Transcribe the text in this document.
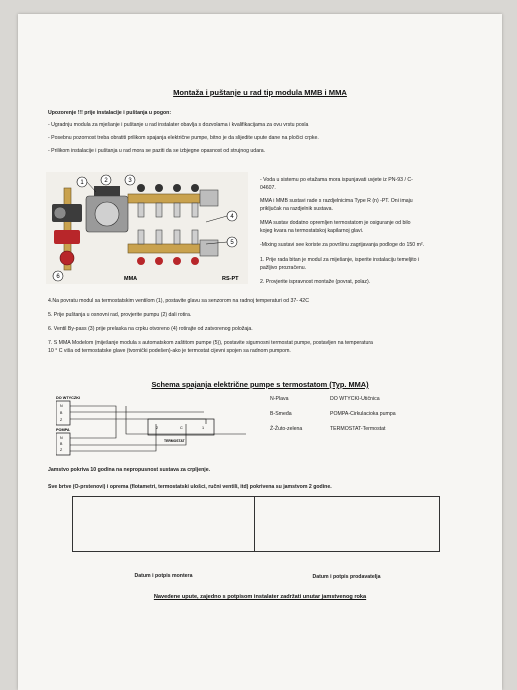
Montaža i puštanje u rad tip modula MMB i MMA
Upozorenje !!! prije instalacije i puštanja u pogon:
- Ugradnju modula za mješanje i puštanje u rad instalater obavlja s dozvolama i kvalifikacijama za ovu vrstu posla
- Posebnu pozornost treba obratiti prilikom spajanja električne pumpe, bitno je da slijedite upute dane na pločici crpke.
- Prilikom instalacije i puštanja u rad mora se paziti da se izbjegne opasnost od strujnog udara.
1	2	3
4
5
6	MMA	RS-PT
- Voda u sistemu po etažama mora ispunjavati uvjete iz PN-93 / C-
04607.
MMA i MMB sustavi rade s razdjelnicima Type R (n) -PT. Oni imaju
priključak na razdjelnik sustava.
MMA sustav dodatno opremljen termostatom je osiguranje od bilo
kojeg kvara na termostatskoj kapilarnoj glavi.
-Mixing sustavi see koriste za površinu zagrijavanja podloge do 150 m².
1. Prije rada bitan je modul za miješanje, isperite instalaciju temeljito i
pažljivo prozračenu.
2. Provjerite ispravnost montaže (povrat, polaz).
4.Na povratu modul sa termostatskim ventilom (1), postavite glavu sa senzorom na radnoj temperaturi od 37- 42C
5. Prije puštanja u osnovni rad, provjerite pumpu (2) dali rotira.
6. Ventil By-pass (3) prije prelaska na crpku otvoreno (4) rotirajte od zatvorenog položaja.
7. S MMA Modelom (miješanje modula s automatskom zaštitom pumpe (5)), postavite sigurnosni termostat pumpe, postavljen na temperatura
10 ° C viša od termostatske glave (tvornički podešen)-ako je termostat cijevni spojen sa radnom pumpom.
Schema spajanja električne pumpe s termostatom (Typ. MMA)
DO WTYCZKI
N
B
Z
POMPA
N
B
Z
2	C	1
TERMOSTAT
N-Plava	DO WTYCKI-Utičnica
B-Smeđa	POMPA-Cirkulacioka pumpa
Ž-Žuto-zelena	TERMOSTAT-Termostat
Jamstvo pokriva 10 godina na nepropusnost sustava za crpljenje.
Sve brtve (O-prstenovi) i oprema (flotametri, termostatski ulošci, ručni ventili, itd) pokrivena su jamstvom 2 godine.
Datum i potpis montera	Datum i potpis prodavatelja
Navedene upute, zajedno s potpisom instalater zadržati unutar jamstvenog roka
